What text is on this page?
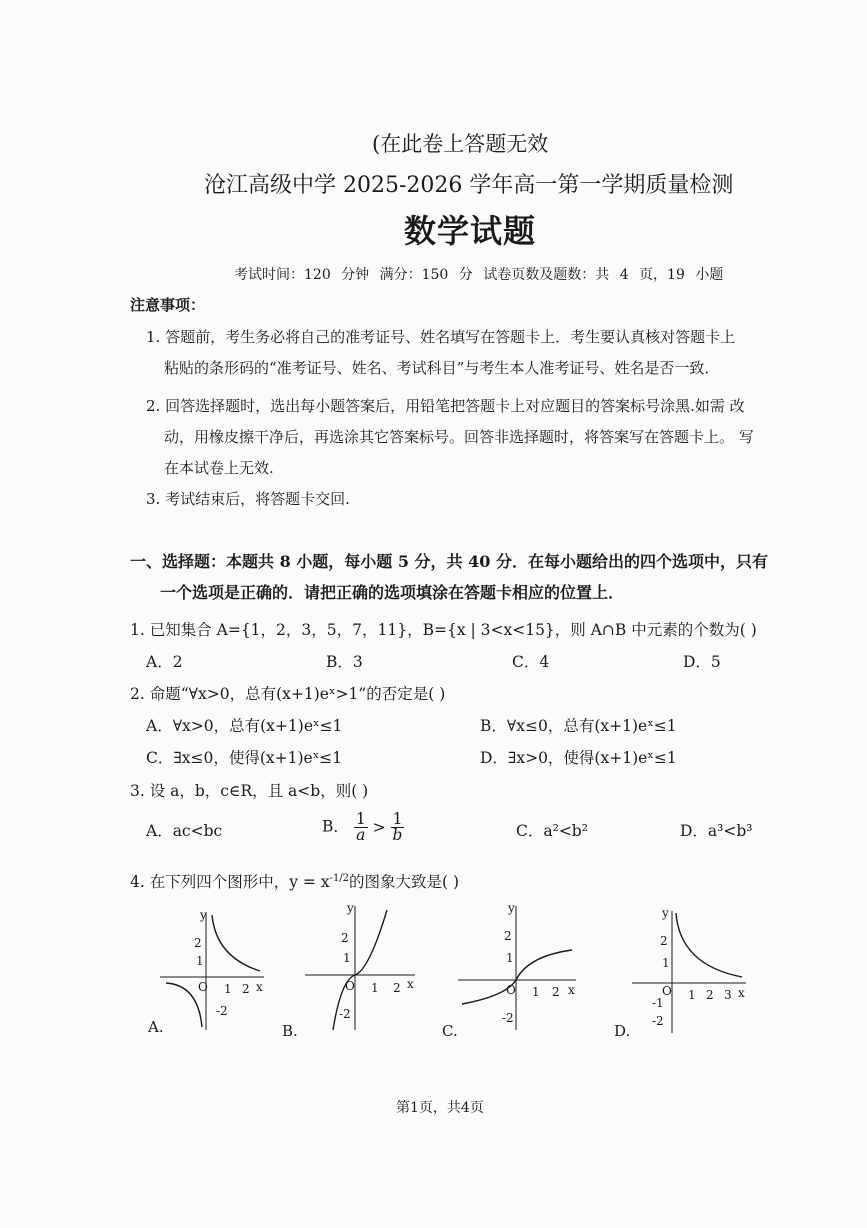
(在此卷上答题无效
沧江高级中学 2025-2026 学年高一第一学期质量检测
数学试题
考试时间：120 分钟 满分：150 分 试卷页数及题数：共 4 页，19 小题
注意事项：
1. 答题前，考生务必将自己的准考证号、姓名填写在答题卡上．考生要认真核对答题卡上
粘贴的条形码的“准考证号、姓名、考试科目”与考生本人准考证号、姓名是否一致．
2. 回答选择题时，选出每小题答案后，用铅笔把答题卡上对应题目的答案标号涂黑.如需 改
动，用橡皮擦干净后，再选涂其它答案标号。回答非选择题时，将答案写在答题卡上。 写
在本试卷上无效.
3. 考试结束后，将答题卡交回.
一、选择题：本题共 8 小题，每小题 5 分，共 40 分．在每小题给出的四个选项中，只有
一个选项是正确的．请把正确的选项填涂在答题卡相应的位置上．
1. 已知集合 A={1，2，3，5，7，11}，B={x | 3<x<15}，则 A∩B 中元素的个数为( )
A．2	B．3	C．4	D．5
2. 命题“∀x>0，总有(x+1)eˣ>1”的否定是( )
A．∀x>0，总有(x+1)eˣ≤1	B．∀x≤0，总有(x+1)eˣ≤1
C．∃x≤0，使得(x+1)eˣ≤1	D．∃x>0，使得(x+1)eˣ≤1
3. 设 a，b，c∈R，且 a<b，则( )
A．ac<bc	B． $\frac{1}{a} > \frac{1}{b}$	C．a²<b²	D．a³<b³
4. 在下列四个图形中，$y = x^{-1/2}$的图象大致是( )
y
2
1
O 1 2 x
-2
A.
y
2
1
O 1 2 x
-2
B.
y
2
1
O 1 2 x
-2
C.
y
2
1
O
-1
-2
1 2 3 x
D.
第1页，共4页
